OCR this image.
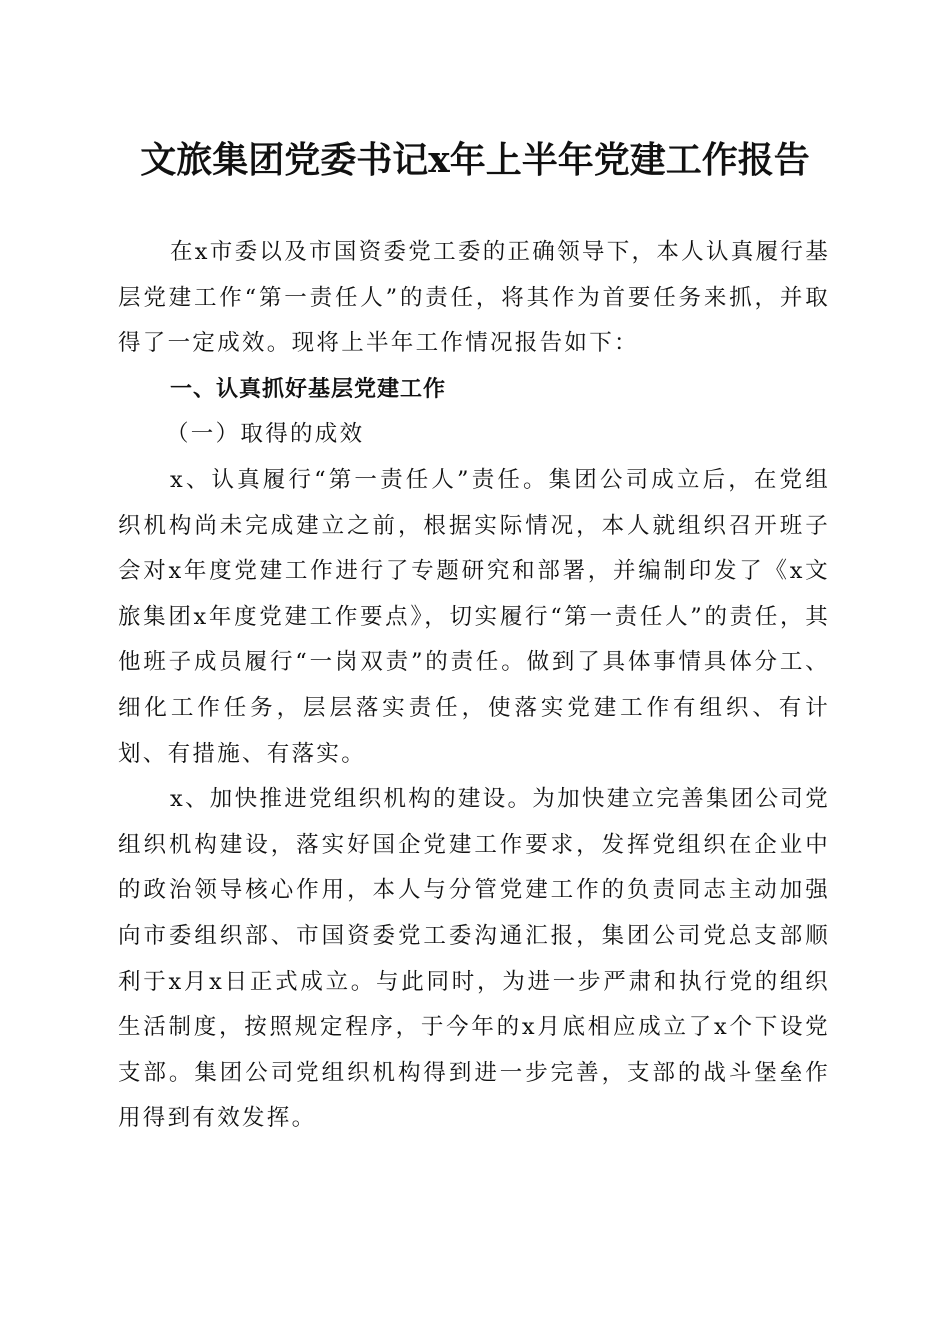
文旅集团党委书记x年上半年党建工作报告

在x市委以及市国资委党工委的正确领导下，本人认真履行基层党建工作“第一责任人”的责任，将其作为首要任务来抓，并取得了一定成效。现将上半年工作情况报告如下：

一、认真抓好基层党建工作

（一）取得的成效

x、认真履行“第一责任人”责任。集团公司成立后，在党组织机构尚未完成建立之前，根据实际情况，本人就组织召开班子会对x年度党建工作进行了专题研究和部署，并编制印发了《x文旅集团x年度党建工作要点》，切实履行“第一责任人”的责任，其他班子成员履行“一岗双责”的责任。做到了具体事情具体分工、细化工作任务，层层落实责任，使落实党建工作有组织、有计划、有措施、有落实。

x、加快推进党组织机构的建设。为加快建立完善集团公司党组织机构建设，落实好国企党建工作要求，发挥党组织在企业中的政治领导核心作用，本人与分管党建工作的负责同志主动加强向市委组织部、市国资委党工委沟通汇报，集团公司党总支部顺利于x月x日正式成立。与此同时，为进一步严肃和执行党的组织生活制度，按照规定程序，于今年的x月底相应成立了x个下设党支部。集团公司党组织机构得到进一步完善，支部的战斗堡垒作用得到有效发挥。
